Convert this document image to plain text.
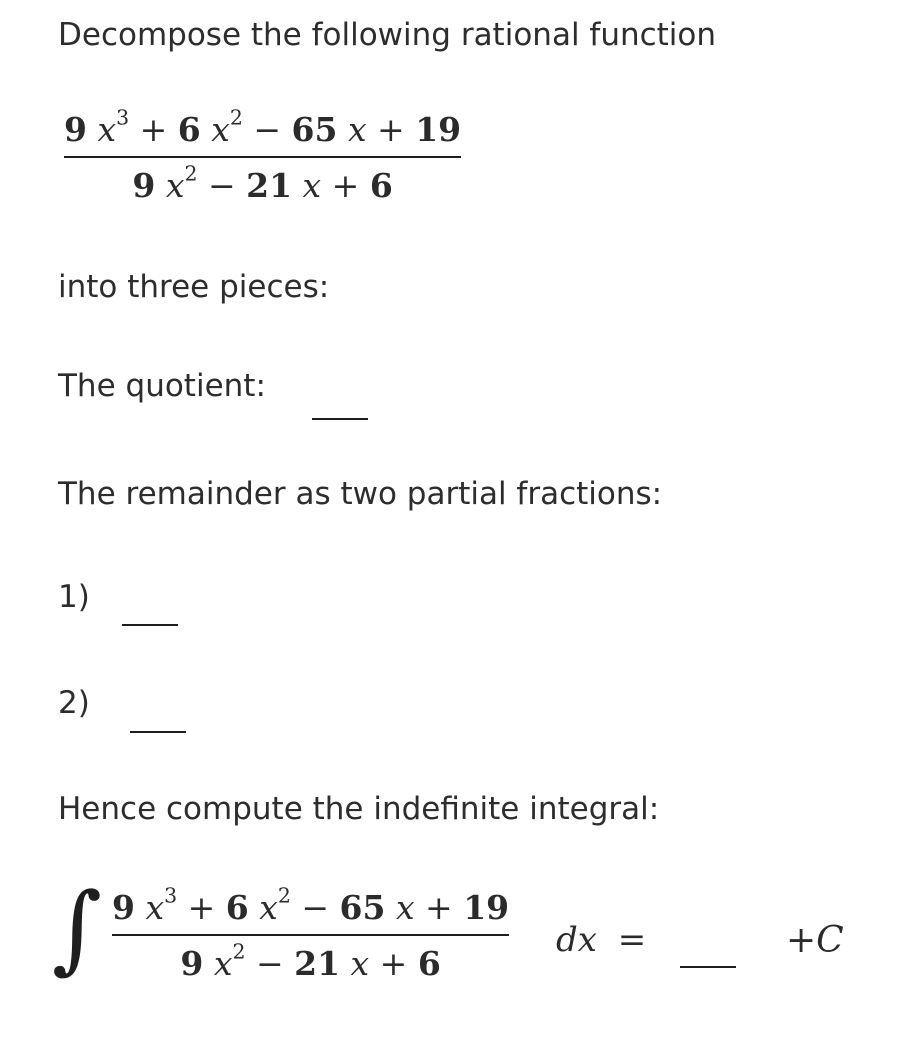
Decompose the following rational function
9 $x^3 + 6$ $x^2 - 65$ x + 19
9 $x^2 - 21$ x + 6
into three pieces:
The quotient:
The remainder as two partial fractions:
1)
2)
Hence compute the indefinite integral:
∫ 9 $x^3 + 6$ $x^2 - 65$ x + 19
9 $x^2 - 21$ x + 6
dx =	+C
